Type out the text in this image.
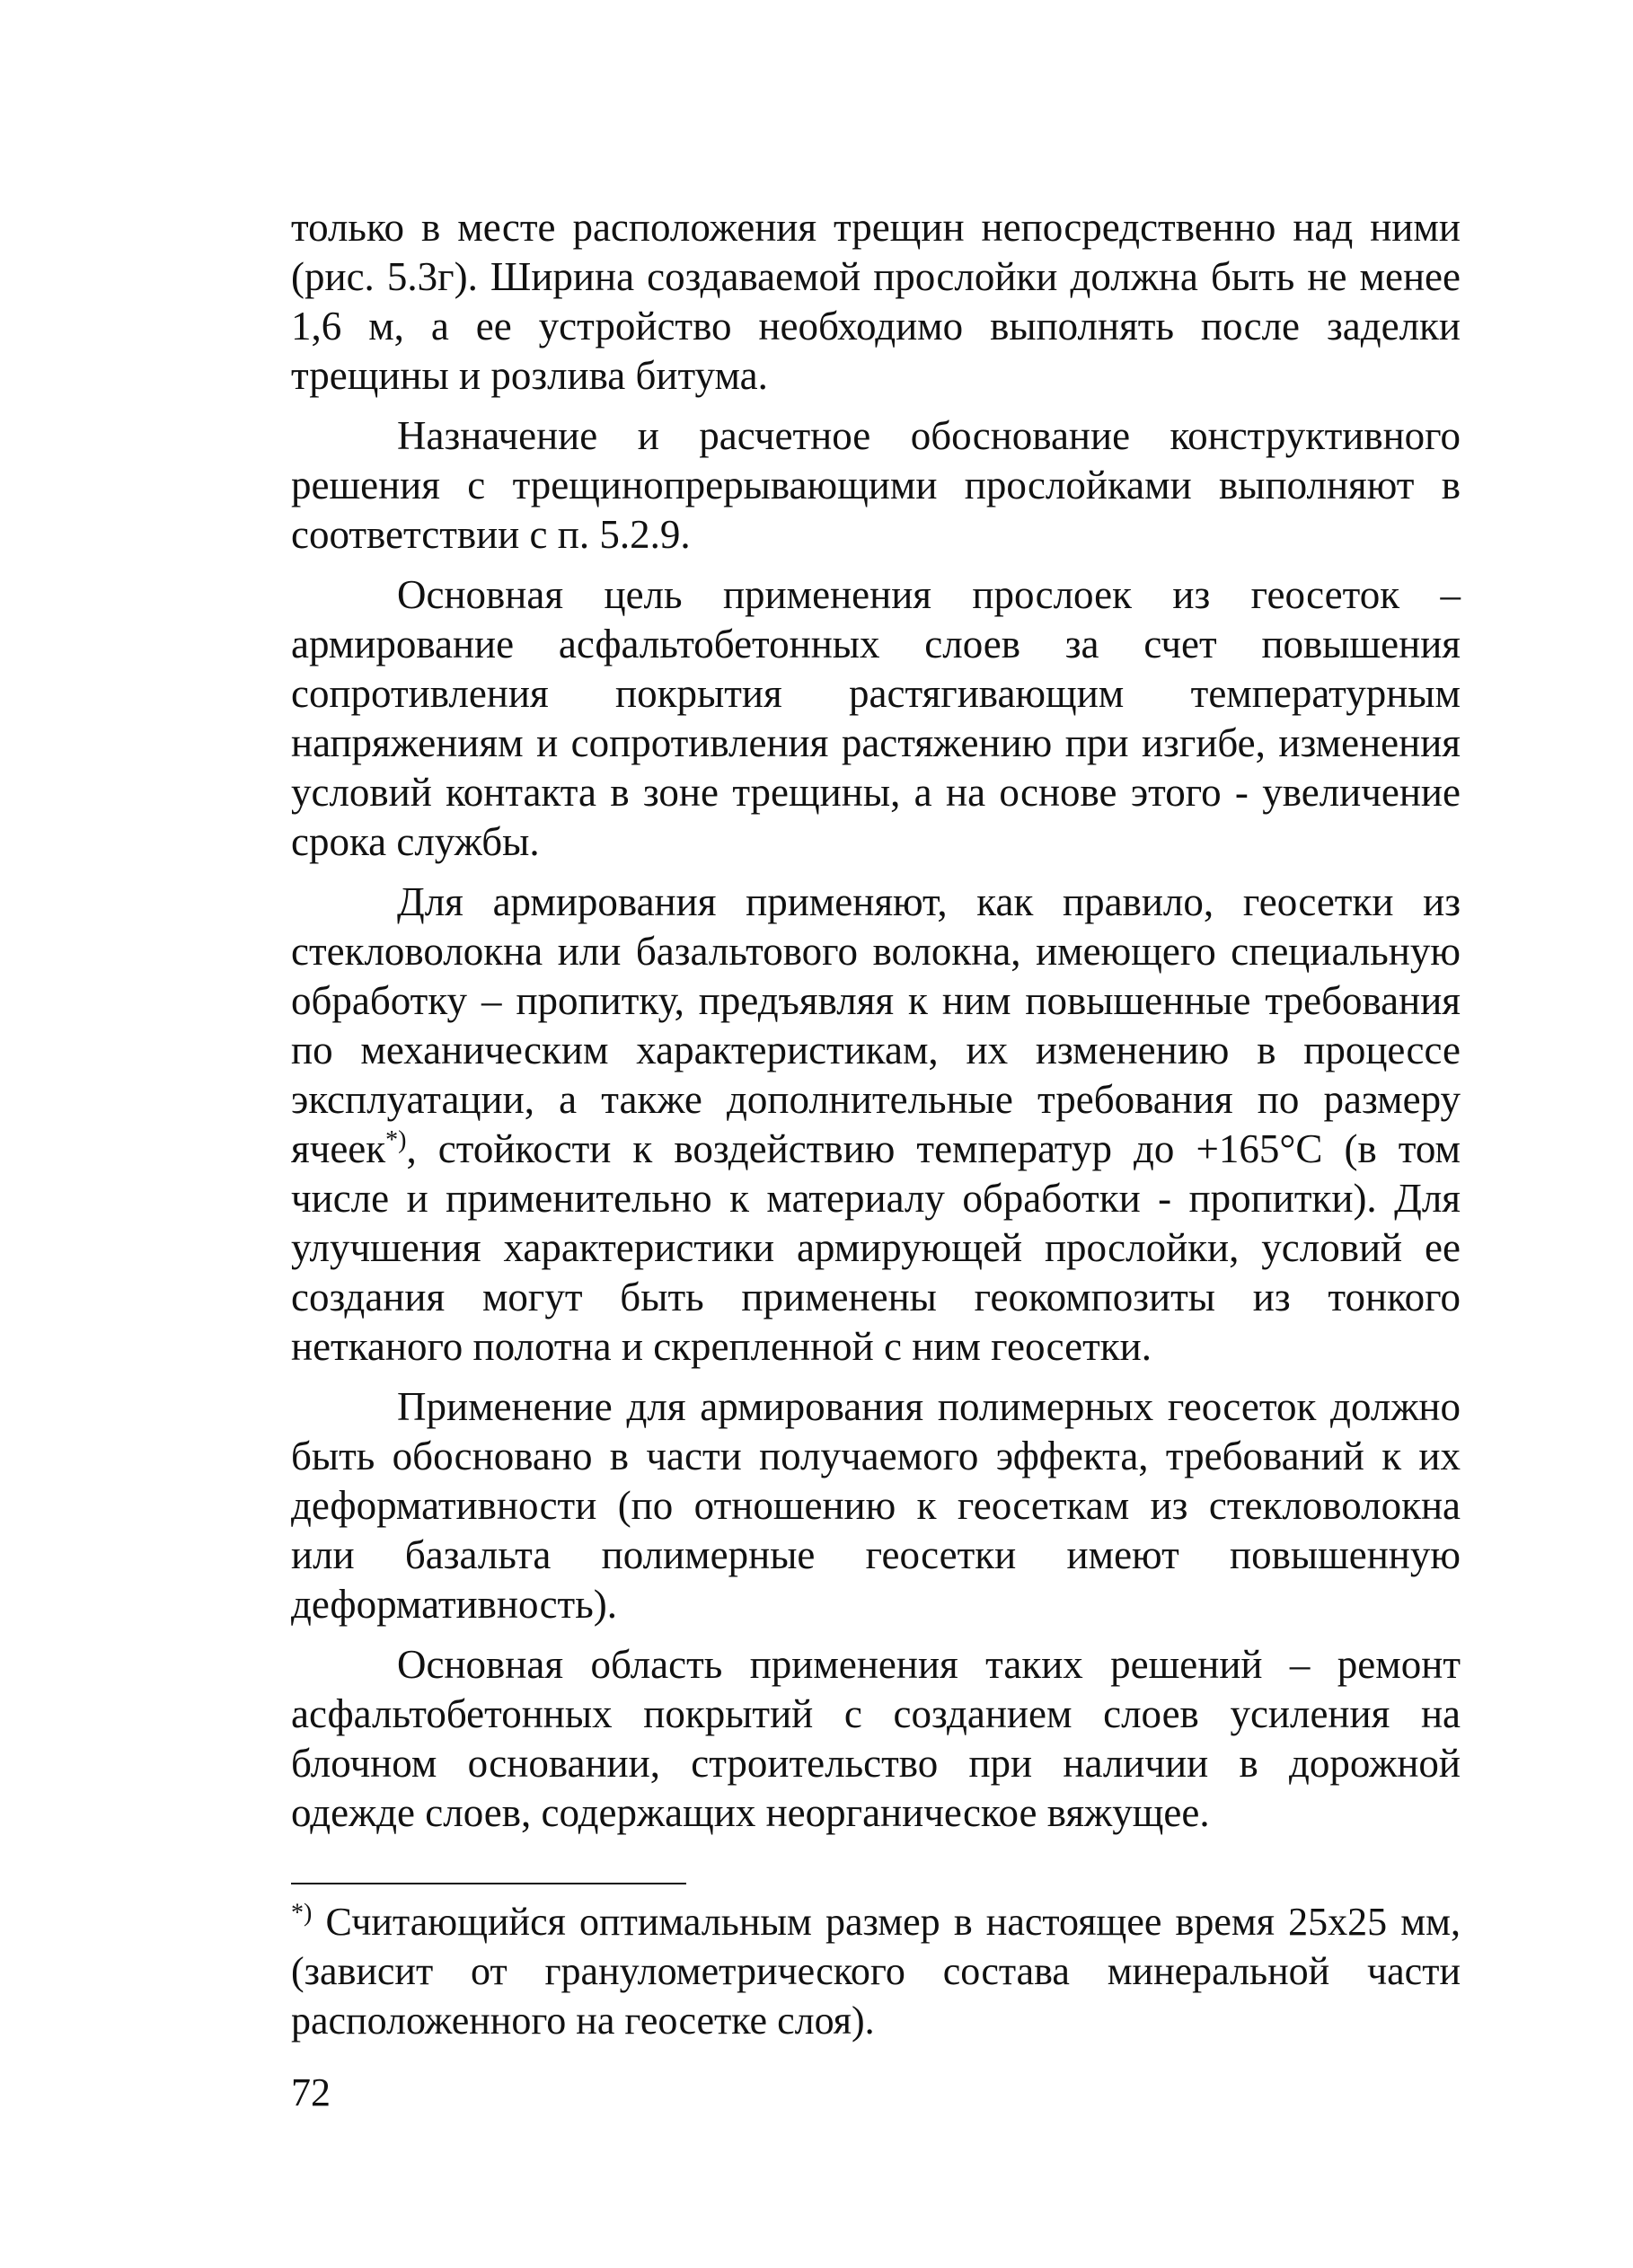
только в месте расположения трещин непосредственно над ними (рис. 5.3г). Ширина создаваемой прослойки должна быть не менее 1,6 м, а ее устройство необходимо выполнять после заделки трещины и розлива битума.

Назначение и расчетное обоснование конструктивного решения с трещинопрерывающими прослойками выполняют в соответствии с п. 5.2.9.

Основная цель применения прослоек из геосеток – армирование асфальтобетонных слоев за счет повышения сопротивления покрытия растягивающим температурным напряжениям и сопротивления растяжению при изгибе, изменения условий контакта в зоне трещины, а на основе этого - увеличение срока службы.

Для армирования применяют, как правило, геосетки из стекловолокна или базальтового волокна, имеющего специальную обработку – пропитку, предъявляя к ним повышенные требования по механическим характеристикам, их изменению в процессе эксплуатации, а также дополнительные требования по размеру ячеек*), стойкости к воздействию температур до +165°С (в том числе и применительно к материалу обработки - пропитки). Для улучшения характеристики армирующей прослойки, условий ее создания могут быть применены геокомпозиты из тонкого нетканого полотна и скрепленной с ним геосетки.

Применение для армирования полимерных геосеток должно быть обосновано в части получаемого эффекта, требований к их деформативности (по отношению к геосеткам из стекловолокна или базальта полимерные геосетки имеют повышенную деформативность).

Основная область применения таких решений – ремонт асфальтобетонных покрытий с созданием слоев усиления на блочном основании, строительство при наличии в дорожной одежде слоев, содержащих неорганическое вяжущее.

*) Считающийся оптимальным размер в настоящее время 25х25 мм, (зависит от гранулометрического состава минеральной части расположенного на геосетке слоя).

72
